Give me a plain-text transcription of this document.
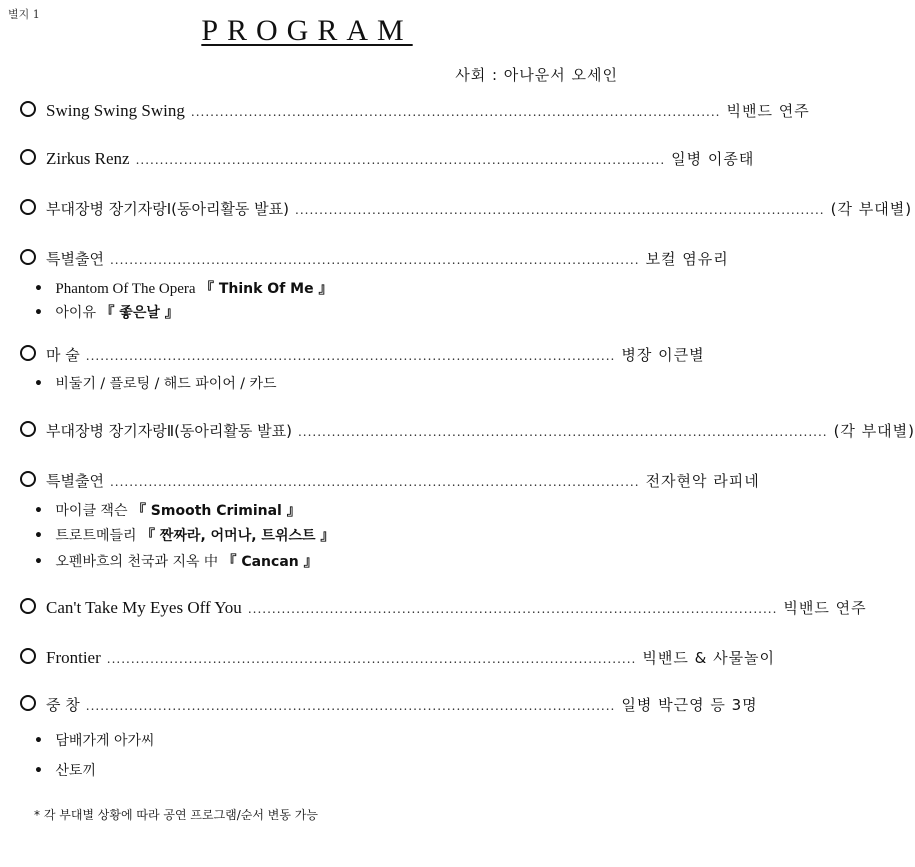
별지 1	PROGRAM
사회 : 아나운서 오세인
Swing Swing Swing .............................................................................................................. 빅밴드 연주
Zirkus Renz .............................................................................................................. 일병 이종태
부대장병 장기자랑Ⅰ(동아리활동 발표) .............................................................................................................. (각 부대별)
특별출연 .............................................................................................................. 보컬 염유리
• Phantom Of The Opera 『 Think Of Me 』
• 아이유 『 좋은날 』
마 술 .............................................................................................................. 병장 이큰별
• 비둘기 / 플로팅 / 해드 파이어 / 카드
부대장병 장기자랑Ⅱ(동아리활동 발표) .............................................................................................................. (각 부대별)
특별출연 .............................................................................................................. 전자현악 라피네
• 마이클 잭슨 『 Smooth Criminal 』
• 트로트메들리 『 짠짜라, 어머나, 트위스트 』
• 오펜바흐의 천국과 지옥 中 『 Cancan 』
Can't Take My Eyes Off You .............................................................................................................. 빅밴드 연주
Frontier .............................................................................................................. 빅밴드 & 사물놀이
중 창 .............................................................................................................. 일병 박근영 등 3명
• 담배가게 아가씨
• 산토끼
* 각 부대별 상황에 따라 공연 프로그램/순서 변동 가능
